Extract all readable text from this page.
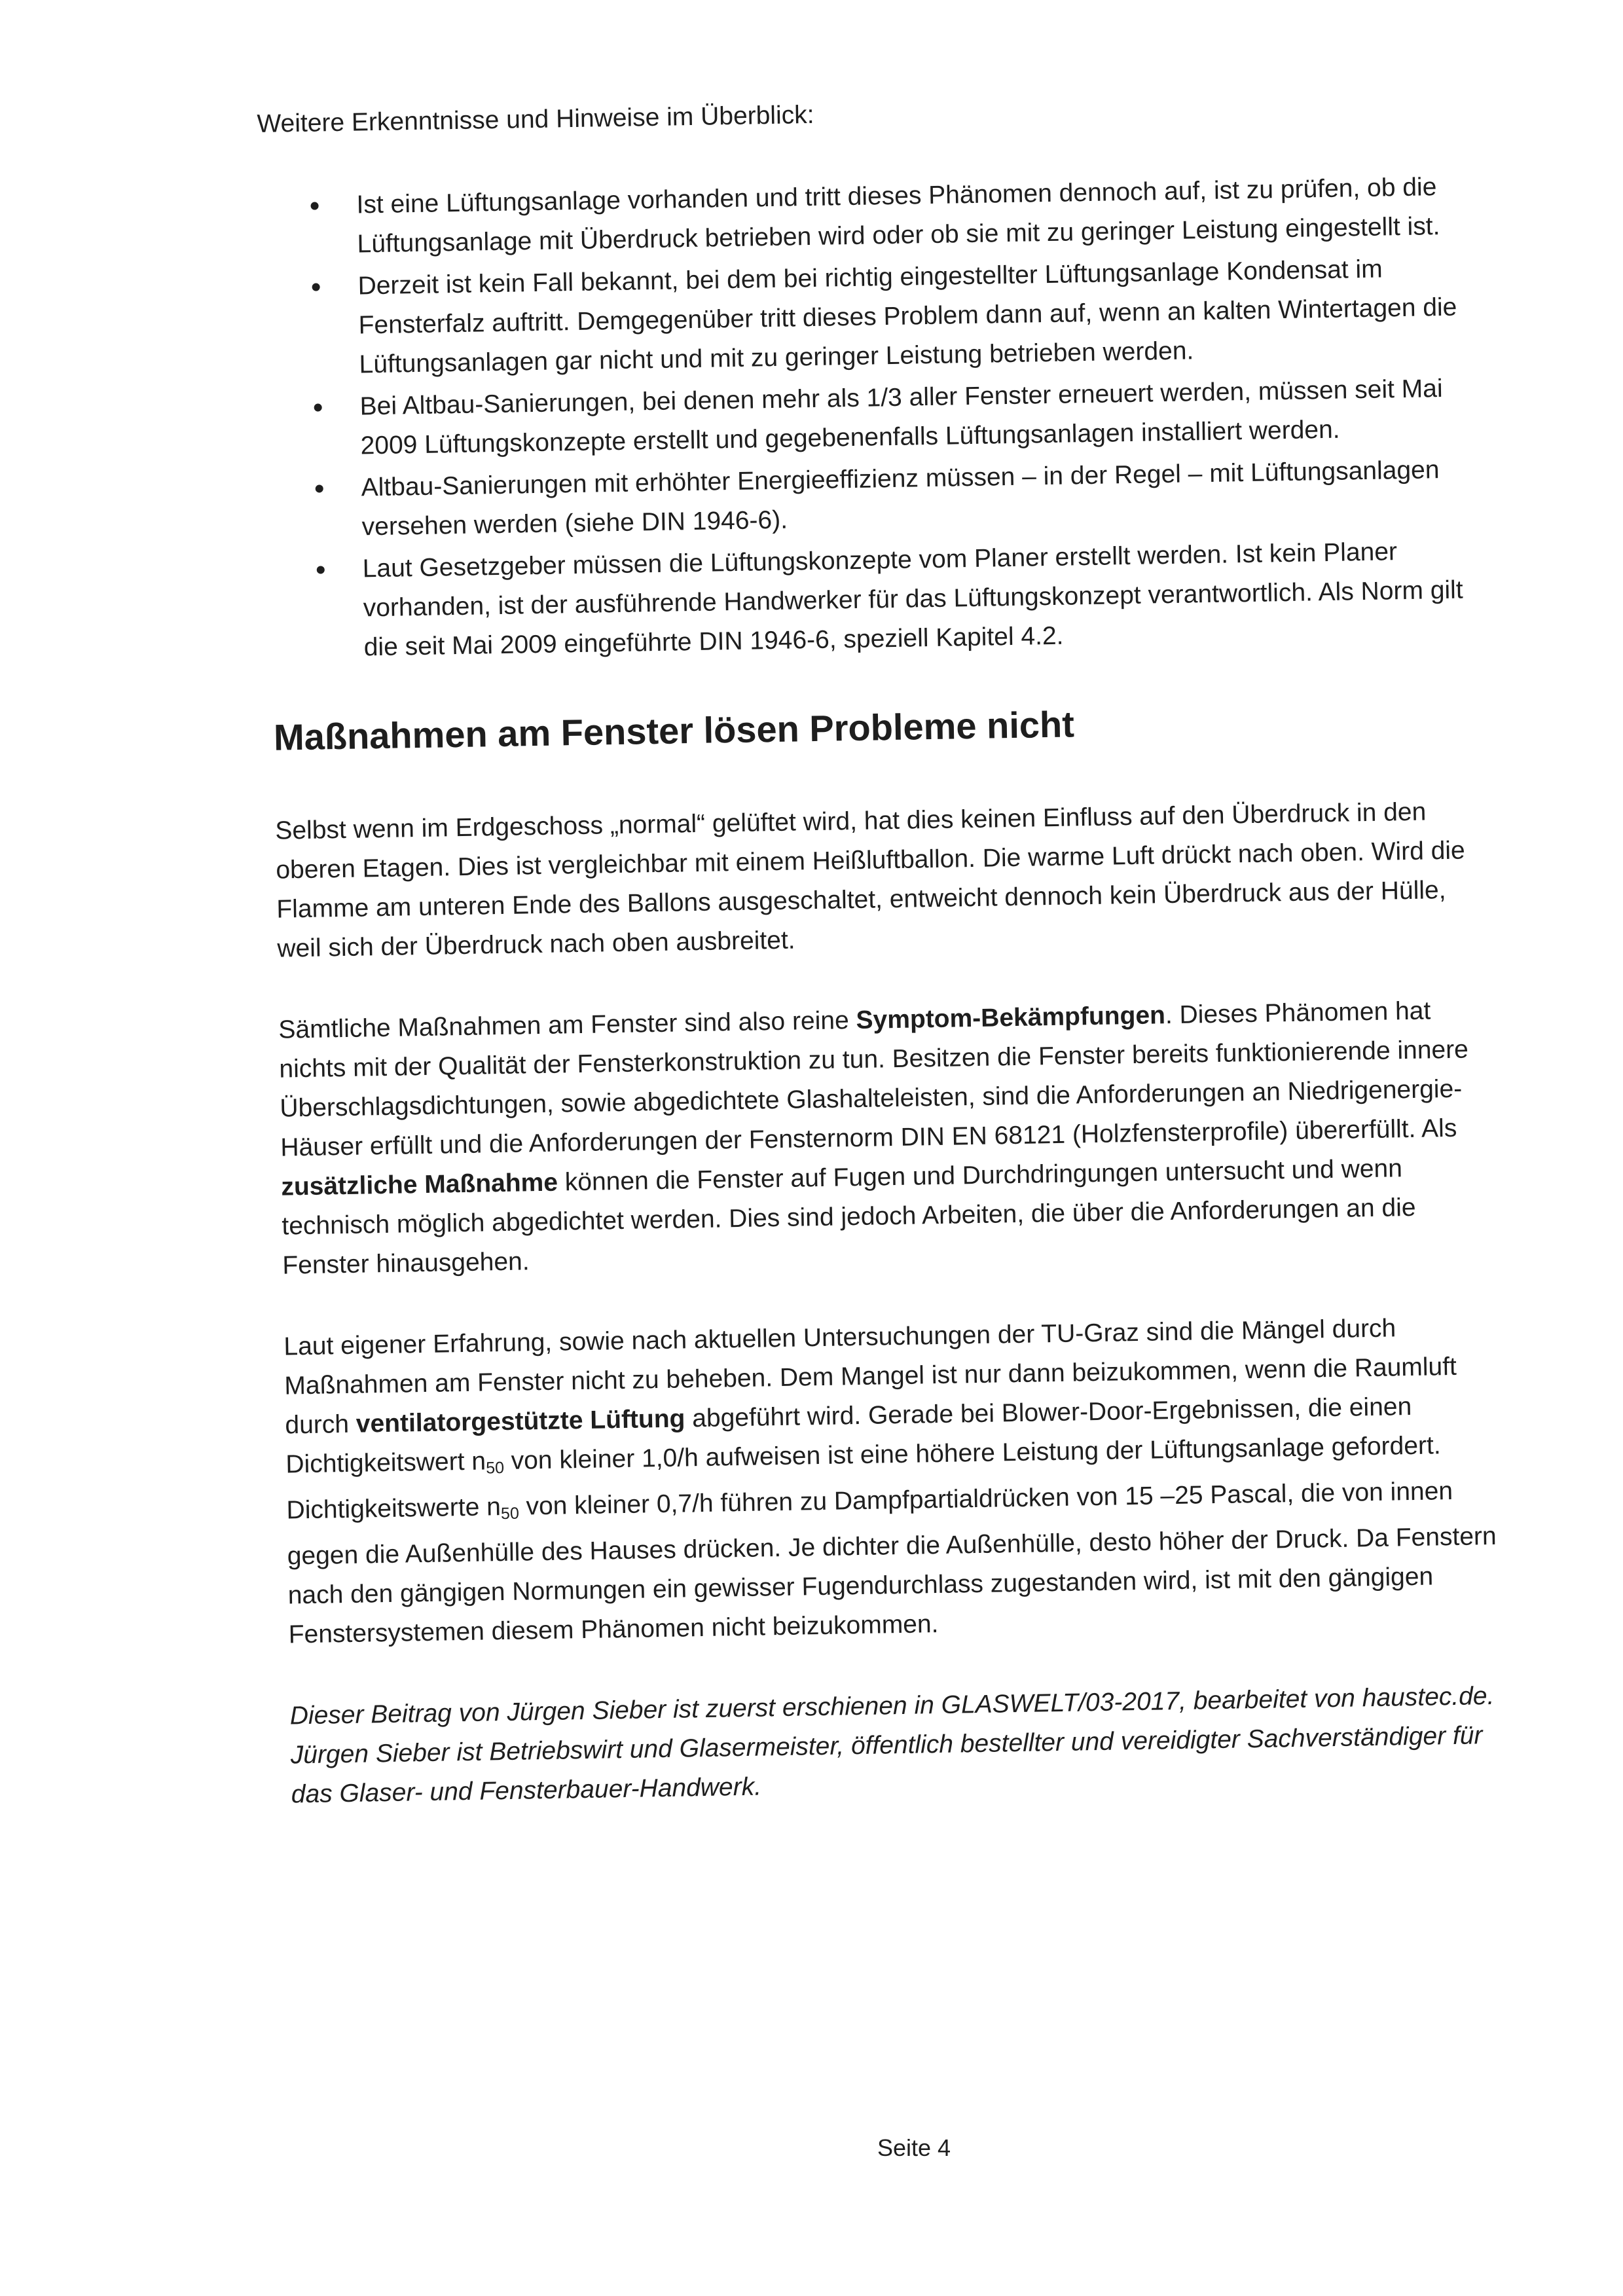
Weitere Erkenntnisse und Hinweise im Überblick:
Ist eine Lüftungsanlage vorhanden und tritt dieses Phänomen dennoch auf, ist zu prüfen, ob die Lüftungsanlage mit Überdruck betrieben wird oder ob sie mit zu geringer Leistung eingestellt ist.
Derzeit ist kein Fall bekannt, bei dem bei richtig eingestellter Lüftungsanlage Kondensat im Fensterfalz auftritt. Demgegenüber tritt dieses Problem dann auf, wenn an kalten Wintertagen die Lüftungsanlagen gar nicht und mit zu geringer Leistung betrieben werden.
Bei Altbau-Sanierungen, bei denen mehr als 1/3 aller Fenster erneuert werden, müssen seit Mai 2009 Lüftungskonzepte erstellt und gegebenenfalls Lüftungsanlagen installiert werden.
Altbau-Sanierungen mit erhöhter Energieeffizienz müssen – in der Regel – mit Lüftungsanlagen versehen werden (siehe DIN 1946-6).
Laut Gesetzgeber müssen die Lüftungskonzepte vom Planer erstellt werden. Ist kein Planer vorhanden, ist der ausführende Handwerker für das Lüftungskonzept verantwortlich. Als Norm gilt die seit Mai 2009 eingeführte DIN 1946-6, speziell Kapitel 4.2.
Maßnahmen am Fenster lösen Probleme nicht

Selbst wenn im Erdgeschoss „normal“ gelüftet wird, hat dies keinen Einfluss auf den Überdruck in den oberen Etagen. Dies ist vergleichbar mit einem Heißluftballon. Die warme Luft drückt nach oben. Wird die Flamme am unteren Ende des Ballons ausgeschaltet, entweicht dennoch kein Überdruck aus der Hülle, weil sich der Überdruck nach oben ausbreitet.

Sämtliche Maßnahmen am Fenster sind also reine Symptom-Bekämpfungen. Dieses Phänomen hat nichts mit der Qualität der Fensterkonstruktion zu tun. Besitzen die Fenster bereits funktionierende innere Überschlagsdichtungen, sowie abgedichtete Glashalteleisten, sind die Anforderungen an Niedrigenergie-Häuser erfüllt und die Anforderungen der Fensternorm DIN EN 68121 (Holzfensterprofile) übererfüllt. Als zusätzliche Maßnahme können die Fenster auf Fugen und Durchdringungen untersucht und wenn technisch möglich abgedichtet werden. Dies sind jedoch Arbeiten, die über die Anforderungen an die Fenster hinausgehen.

Laut eigener Erfahrung, sowie nach aktuellen Untersuchungen der TU-Graz sind die Mängel durch Maßnahmen am Fenster nicht zu beheben. Dem Mangel ist nur dann beizukommen, wenn die Raumluft durch ventilatorgestützte Lüftung abgeführt wird. Gerade bei Blower-Door-Ergebnissen, die einen Dichtigkeitswert $n_{50}$ von kleiner 1,0/h aufweisen ist eine höhere Leistung der Lüftungsanlage gefordert. Dichtigkeitswerte $n_{50}$ von kleiner 0,7/h führen zu Dampfpartialdrücken von 15 –25 Pascal, die von innen gegen die Außenhülle des Hauses drücken. Je dichter die Außenhülle, desto höher der Druck. Da Fenstern nach den gängigen Normungen ein gewisser Fugendurchlass zugestanden wird, ist mit den gängigen Fenstersystemen diesem Phänomen nicht beizukommen.

Dieser Beitrag von Jürgen Sieber ist zuerst erschienen in GLASWELT/03-2017, bearbeitet von haustec.de. Jürgen Sieber ist Betriebswirt und Glasermeister, öffentlich bestellter und vereidigter Sachverständiger für das Glaser- und Fensterbauer-Handwerk.

Seite 4
